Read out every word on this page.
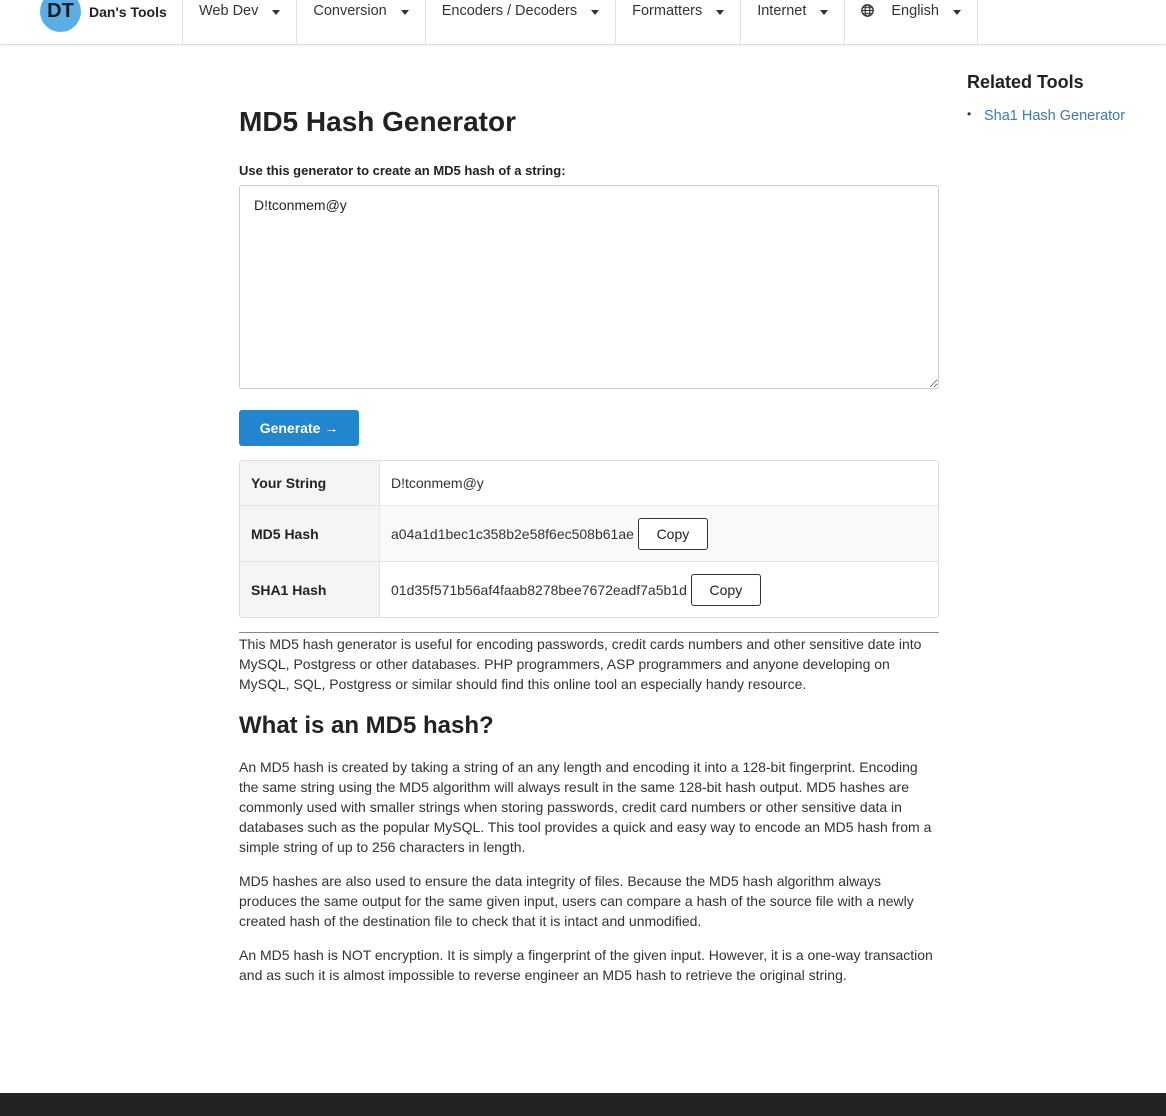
DT	Dan's Tools Web Dev	Conversion	Encoders / Decoders	Formatters	Internet	English
MD5 Hash Generator
Use this generator to create an MD5 hash of a string:
D!tconmem@y Generate →
Your String	D!tconmem@y
MD5 Hash	a04a1d1bec1c358b2e58f6ec508b61ae	Copy
SHA1 Hash	01d35f571b56af4faab8278bee7672eadf7a5b1d	Copy

This MD5 hash generator is useful for encoding passwords, credit cards numbers and other sensitive date into MySQL, Postgress or other databases. PHP programmers, ASP programmers and anyone developing on MySQL, SQL, Postgress or similar should find this online tool an especially handy resource.

What is an MD5 hash?

An MD5 hash is created by taking a string of an any length and encoding it into a 128-bit fingerprint. Encoding the same string using the MD5 algorithm will always result in the same 128-bit hash output. MD5 hashes are commonly used with smaller strings when storing passwords, credit card numbers or other sensitive data in databases such as the popular MySQL. This tool provides a quick and easy way to encode an MD5 hash from a simple string of up to 256 characters in length.

MD5 hashes are also used to ensure the data integrity of files. Because the MD5 hash algorithm always produces the same output for the same given input, users can compare a hash of the source file with a newly created hash of the destination file to check that it is intact and unmodified.

An MD5 hash is NOT encryption. It is simply a fingerprint of the given input. However, it is a one-way transaction and as such it is almost impossible to reverse engineer an MD5 hash to retrieve the original string.

Related Tools
• Sha1 Hash Generator
